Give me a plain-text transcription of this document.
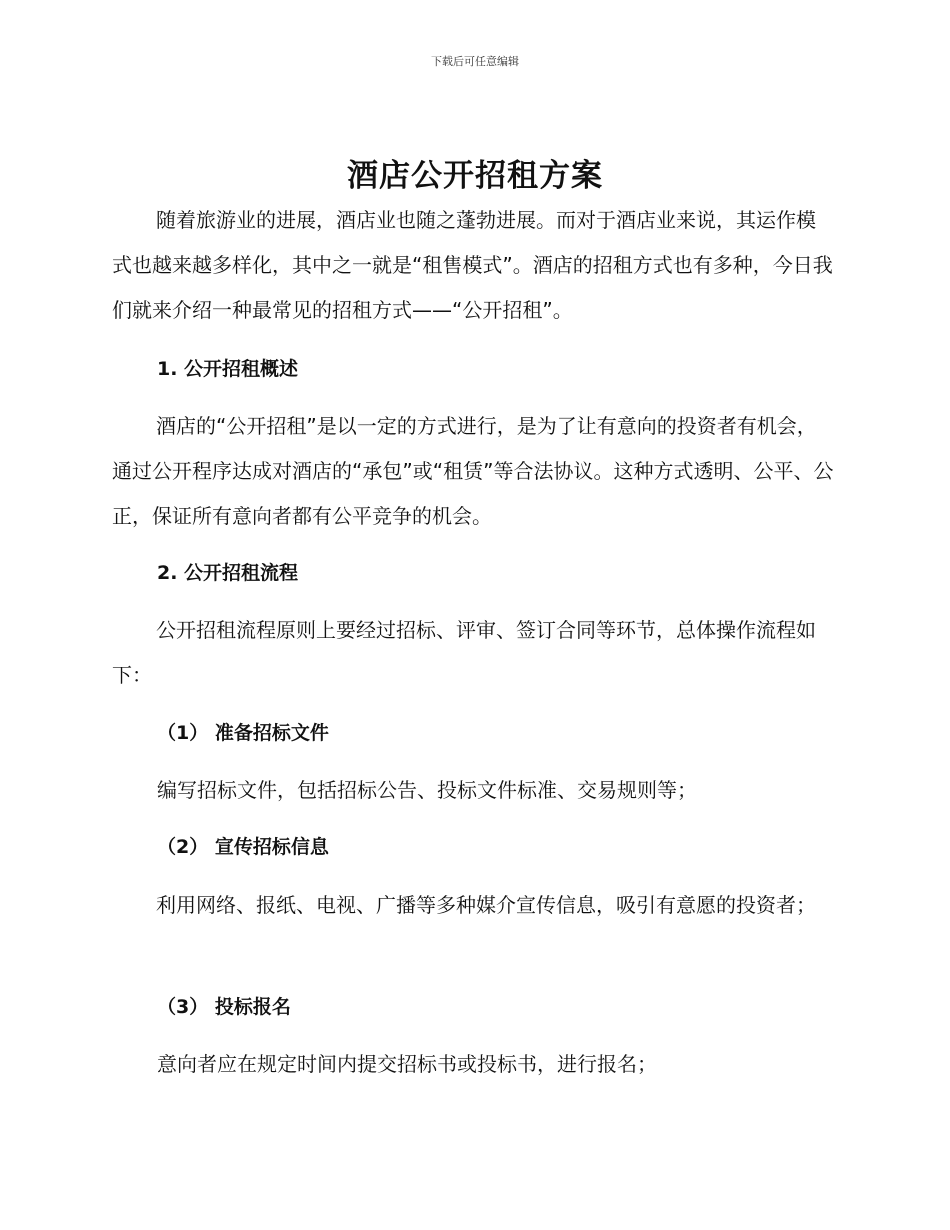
下载后可任意编辑
酒店公开招租方案

随着旅游业的进展，酒店业也随之蓬勃进展。而对于酒店业来说，其运作模式也越来越多样化，其中之一就是“租售模式”。酒店的招租方式也有多种，今日我们就来介绍一种最常见的招租方式——“公开招租”。

1. 公开招租概述

酒店的“公开招租”是以一定的方式进行，是为了让有意向的投资者有机会，通过公开程序达成对酒店的“承包”或“租赁”等合法协议。这种方式透明、公平、公正，保证所有意向者都有公平竞争的机会。

2. 公开招租流程

公开招租流程原则上要经过招标、评审、签订合同等环节，总体操作流程如下：

（1） 准备招标文件

编写招标文件，包括招标公告、投标文件标准、交易规则等；

（2） 宣传招标信息

利用网络、报纸、电视、广播等多种媒介宣传信息，吸引有意愿的投资者；

（3） 投标报名

意向者应在规定时间内提交招标书或投标书，进行报名；
